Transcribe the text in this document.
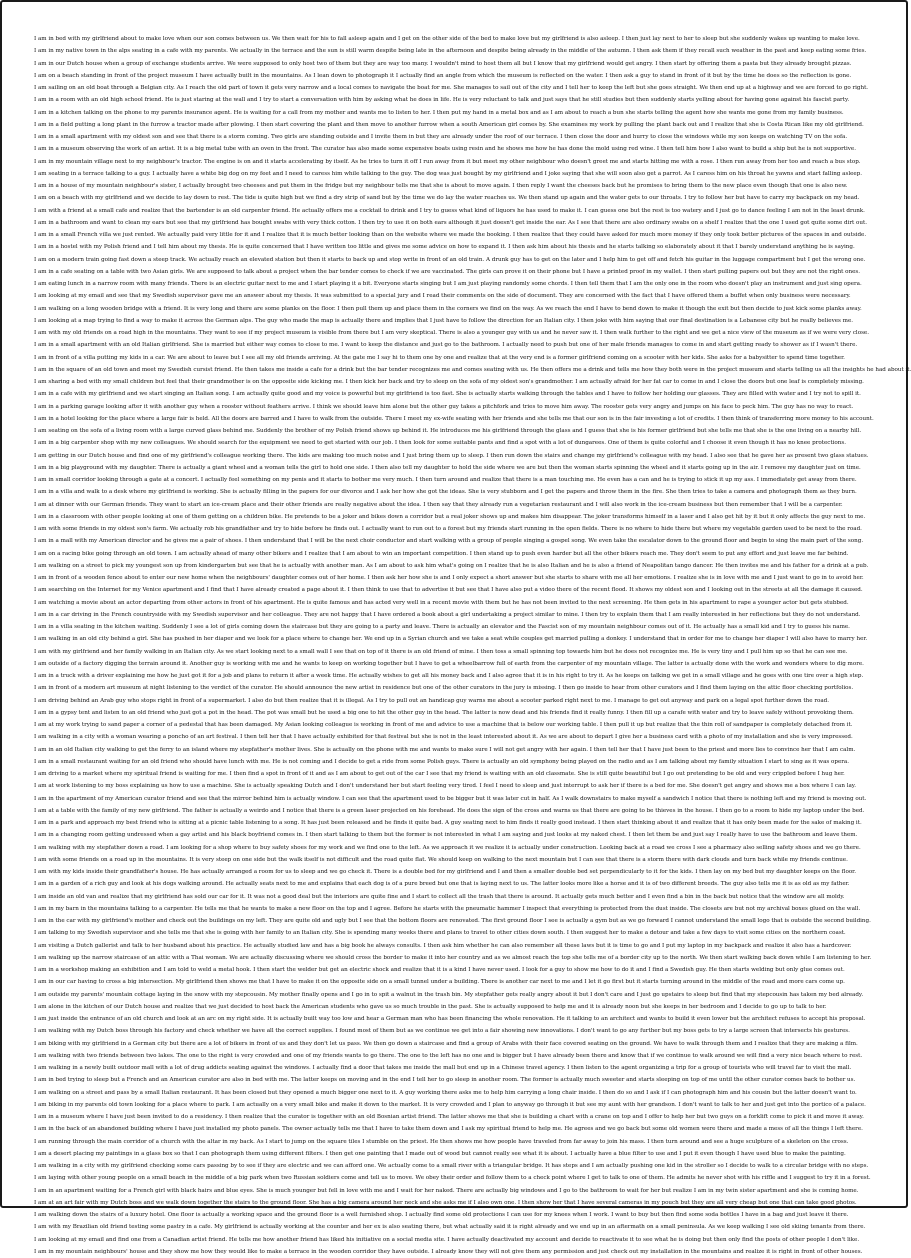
I am in bed with my girlfriend about to make love when our son comes between us. We then wait for his to fall asleep again and I get on the other side of the bed to make love but my girlfriend is also asleep. I then just lay next to her to sleep but she suddenly wakes up wanting to make love.
I am in my native town in the alps seating in a cafe with my parents. We actually in the terrace and the sun is still warm despite being late in the afternoon and despite being already in the middle of the autumn. I then ask them if they recall such weather in the past and keep eating some fries.
I am in our Dutch house when a group of exchange students arrive. We were supposed to only host two of them but they are way too many. I wouldn't mind to host them all but I know that my girlfriend would get angry. I then start by offering them a pasta but they already brought pizzas.
I am on a beach standing in front of the project museum I have actually built in the mountains. As I lean down to photograph it I actually find an angle from which the museum is reflected on the water. I then ask a guy to stand in front of it but by the time he does so the reflection is gone.
I am sailing on an old boat through a Belgian city. As I reach the old part of town it gets very narrow and a local comes to navigate the boat for me. She manages to sail out of the city and I tell her to keep the left but she goes straight. We then end up at a highway and we are forced to go right.
I am in a room with an old high school friend. He is just staring at the wall and I try to start a conversation with him by asking what he does in life. He is very reluctant to talk and just says that he still studies but then suddenly starts yelling about for having gone against his fascist party.
I am in a kitchen talking on the phone to my parents insurance agent. He is waiting for a call from my mother and wants me to listen to her. I then put my hand in a metal box and as I am about to reach a bun she starts telling the agent how she wants me gone from my family business.
I am in a field putting a long plant in the furrow a tractor made after plowing. I then start covering the plant and then move to another furrow when a south American girl comes by. She examines my work by pulling the plant back out and I realize that she is Costa Rican like my old girlfriend.
I am in a small apartment with my oldest son and see that there is a storm coming. Two girls are standing outside and I invite them in but they are already under the roof of our terrace. I then close the door and hurry to close the windows while my son keeps on watching TV on the sofa.
I am in a museum observing the work of an artist. It is a big metal tube with an oven in the front. The curator has also made some expensive boats using resin and he shows me how he has done the mold using red wine. I then tell him how I also want to build a ship but he is not supportive.
I am in my mountain village next to my neighbour's tractor. The engine is on and it starts accelerating by itself. As he tries to turn it off I run away from it but meet my other neighbour who doesn't greet me and starts hitting me with a rose. I then run away from her too and reach a bus stop.
I am seating in a terrace talking to a guy. I actually have a white big dog on my feet and I need to caress him while talking to the guy. The dog was just bought by my girlfriend and I joke saying that she will soon also get a parrot. As I caress him on his throat he yawns and start falling asleep.
I am in a house of my mountain neighbour's sister, I actually brought two cheeses and put them in the fridge but my neighbour tells me that she is about to move again. I then reply I want the cheeses back but he promises to bring them to the new place even though that one is also new.
I am on a beach with my girlfriend and we decide to lay down to rest. The tide is quite high but we find a dry strip of sand but by the time we do lay the water reaches us. We then stand up again and the water gets to our throats. I try to follow her but have to carry my backpack on my head.
I am with a friend at a small cafe and realize that the bartender is an old carpenter friend. He actually offers me a cocktail to drink and I try to guess what kind of liquors he has used to make it. I can guess one but the rest is too watery and I just go to dance feeling I am not in the least drunk.
I am in a bathroom and want to clean my ears but see that my girlfriend has bought swabs with very thick cotton. I then try to use it on both ears although it just doesn't get inside the ear. As I see that there are also ordinary swabs on a shelf I realize that the one I used got quite some dirt out.
I am in a small French villa we just rented. We actually paid very little for it and I realize that it is much better looking than on the website where we made the booking. I then realize that they could have asked for much more money if they only took better pictures of the spaces in and outside.
I am in a hostel with my Polish friend and I tell him about my thesis. He is quite concerned that I have written too little and gives me some advice on how to expand it. I then ask him about his thesis and he starts talking so elaborately about it that I barely understand anything he is saying.
I am on a modern train going fast down a steep track. We actually reach an elevated station but then it starts to back up and stop write in front of an old train. A drunk guy has to get on the later and I help him to get off and fetch his guitar in the luggage compartment but I get the wrong one.
I am in a cafe seating on a table with two Asian girls. We are supposed to talk about a project when the bar tender comes to check if we are vaccinated. The girls can prove it on their phone but I have a printed proof in my wallet. I then start pulling papers out but they are not the right ones.
I am eating lunch in a narrow room with many friends. There is an electric guitar next to me and I start playing it a bit. Everyone starts singing but I am just playing randomly some chords. I then tell them that I am the only one in the room who doesn't play an instrument and just sing opera.
I am looking at my email and see that my Swedish supervisor gave me an answer about my thesis. It was submitted to a special jury and I read their comments on the side of document. They are concerned with the fact that I have offered them a buffet when only business were necessary.
I am walking on a long wooden bridge with a friend. It is very long and there are some planks on the floor. I then pull them up and place them in the corners we find on the way. As we reach the end I have to bend down to make it though the exit but then decide to just kick some planks away.
I am looking at a map trying to find a way to make it across the German alps. The guy who made the map is actually there and implies that I just have to follow the direction for an Italian city. I then joke with him saying that our final destination is a Lebanese city but he really believes me.
I am with my old friends on a road high in the mountains. They want to see if my project museum is visible from there but I am very skeptical. There is also a younger guy with us and he never saw it. I then walk further to the right and we get a nice view of the museum as if we were very close.
I am in a small apartment with an old Italian girlfriend. She is married but either way comes to close to me. I want to keep the distance and just go to the bathroom. I actually need to push but one of her male friends manages to come in and start getting ready to shower as if I wasn't there.
I am in front of a villa putting my kids in a car. We are about to leave but I see all my old friends arriving. At the gate me I say hi to them one by one and realize that at the very end is a former girlfriend coming on a scooter with her kids. She asks for a babysitter to spend time together.
I am in the square of an old town and meet my Swedish cursist friend. He then takes me inside a cafe for a drink but the bar tender recognizes me and comes seating with us. He then offers me a drink and tells me how they both were in the project museum and starts telling us all the insights he had about it.
I am sharing a bed with my small children but feel that their grandmother is on the opposite side kicking me. I then kick her back and try to sleep on the sofa of my oldest son's grandmother. I am actually afraid for her fat car to come in and I close the doors but one leaf is completely missing.
I am in a cafe with my girlfriend and we start singing an Italian song. I am actually quite good and my voice is powerful but my girlfriend is too fast. She is actually starts walking through the tables and I have to follow her holding our glasses. They are filled with water and I try not to spill it.
I am in a parking garage looking after it with another guy when a rooster without feathers arrive. I think we should leave him alone but the other guy takes a pitchfork and tries to move him away. The rooster gets very angry and jumps on his face to peck him. The guy has no way to react.
I am in a hotel looking for the place where a large fair is held. All the doors are barred and I have to walk from the outside. There I meet my ex-wife seating with her friends and she tells me that our son is in the fair investing a lot of credits. I then think of transferring more money to his account.
I am seating on the sofa of a living room with a large curved glass behind me. Suddenly the brother of my Polish friend shows up behind it. He introduces me his girlfriend through the glass and I guess that she is his former girlfriend but she tells me that she is the one living on a nearby hill.
I am in a big carpenter shop with my new colleagues. We should search for the equipment we need to get started with our job. I then look for some suitable pants and find a spot with a lot of dungarees. One of them is quite colorful and I choose it even though it has no knee protections.
I am getting in our Dutch house and find one of my girlfriend's colleague working there. The kids are making too much noise and I just bring them up to sleep. I then run down the stairs and change my girlfriend's colleague with my head. I also see that he gave her as present two glass statues.
I am in a big playground with my daughter. There is actually a giant wheel and a woman tells the girl to hold one side. I then also tell my daughter to hold the side where we are but then the woman starts spinning the wheel and it starts going up in the air. I remove my daughter just on time.
I am in small corridor looking through a gate at a concert. I actually feel something on my penis and it starts to bother me very much. I then turn around and realize that there is a man touching me. He even has a can and he is trying to stick it up my ass. I immediately get away from there.
I am in a villa and walk to a desk where my girlfriend is working. She is actually filling in the papers for our divorce and I ask her how she got the ideas. She is very stubborn and I get the papers and throw them in the fire. She then tries to take a camera and photograph them as they burn.
I am at dinner with our German friends. They want to start an ice-cream place and their other friends are really negative about the idea. I then say that they already run a vegetarian restaurant and I will also work in the ice-cream business but then remember that I will be a carpenter.
I am in a classroom with other people looking at one of them getting on a children bike. He pretends to be a joker and bikes down a corridor but a real joker shows up and makes him disappear. The joker transforms himself in a laser and I also get hit by it but it only affects the guy next to me.
I am with some friends in my oldest son's farm. We actually rob his grandfather and try to hide before he finds out. I actually want to run out to a forest but my friends start running in the open fields. There is no where to hide there but where my vegetable garden used to be next to the road.
I am in a mall with my American director and he gives me a pair of shoes. I then understand that I will be the next choir conductor and start walking with a group of people singing a gospel song. We even take the escalator down to the ground floor and begin to sing the main part of the song.
I am on a racing bike going through an old town. I am actually ahead of many other bikers and I realize that I am about to win an important competition. I then stand up to push even harder but all the other bikers reach me. They don't seem to put any effort and just leave me far behind.
I am walking on a street to pick my youngest son up from kindergarten but see that he is actually with another man. As I am about to ask him what's going on I realize that he is also Italian and he is also a friend of Neapolitan tango dancer. He then invites me and his father for a drink at a pub.
I am in front of a wooden fence about to enter our new home when the neighbours' daughter comes out of her home. I then ask her how she is and I only expect a short answer but she starts to share with me all her emotions. I realize she is in love with me and I just want to go in to avoid her.
I am searching on the Internet for my Venice apartment and I find that I have already created a page about it. I then think to use that to advertise it but see that I have also put a video there of the recent flood. It shows my oldest son and I looking out in the streets at all the damage it caused.
I am watching a movie about an actor departing from other actors in front of his apartment. He is quite famous and has acted very well in a recent movie with them but he has not been invited to the next screening. He then gets in his apartment to rape a younger actor but gets stubbed.
I am in a car driving in the French countryside with my Swedish supervisor and her colleague. They are not happy that I have ordered a book about a girl undertaking a project similar to mine. I then try to explain them that I am really interested in her reflections but they do not understand.
I am in a villa seating in the kitchen waiting. Suddenly I see a lot of girls coming down the staircase but they are going to a party and leave. There is actually an elevator and the Fascist son of my mountain neighbour comes out of it. He actually has a small kid and I try to guess his name.
I am walking in an old city behind a girl. She has pushed in her diaper and we look for a place where to change her. We end up in a Syrian church and we take a seat while couples get married pulling a donkey. I understand that in order for me to change her diaper I will also have to marry her.
I am with my girlfriend and her family walking in an Italian city. As we start looking next to a small wall I see that on top of it there is an old friend of mine. I then toss a small spinning top towards him but he does not recognize me. He is very tiny and I pull him up so that he can see me.
I am outside of a factory digging the terrain around it. Another guy is working with me and he wants to keep on working together but I have to get a wheelbarrow full of earth from the carpenter of my mountain village. The latter is actually done with the work and wonders where to dig more.
I am in a truck with a driver explaining me how he just got it for a job and plans to return it after a week time. He actually wishes to get all his money back and I also agree that it is in his right to try it. As he keeps on talking we get in a small village and he goes with one tire over a high step.
I am in front of a modern art museum at night listening to the verdict of the curator. He should announce the new artist in residence but one of the other curators in the jury is missing. I then go inside to hear from other curators and I find them laying on the attic floor checking portfolios.
I am driving behind an Arab guy who stops right in front of a supermarket. I also do but then realize that it is illegal. As I try to pull out an handicap guy warns me about a scooter parked right next to me. I manage to get out anyway and park on a legal spot further down the road.
I am in a gypsy tent and listen to an old friend who just got a pot in the head. The pot was small but he used a big one to hit the other guy in the head. The latter is now dead and his friends find it really funny. I then fill up a carafe with water and try to leave safely without provoking them.
I am at my work trying to sand paper a corner of a pedestal that has been damaged. My Asian looking colleague is working in front of me and advice to use a machine that is below our working table. I then pull it up but realize that the thin roll of sandpaper is completely detached from it.
I am walking in a city with a woman wearing a poncho of an art festival. I then tell her that I have actually exhibited for that festival but she is not in the least interested about it. As we are about to depart I give her a business card with a photo of my installation and she is very impressed.
I am in an old Italian city walking to get the ferry to an island where my stepfather's mother lives. She is actually on the phone with me and wants to make sure I will not get angry with her again. I then tell her that I have just been to the priest and more lies to convince her that I am calm.
I am in a small restaurant waiting for an old friend who should have lunch with me. He is not coming and I decide to get a ride from some Polish guys. There is actually an old symphony being played on the radio and as I am talking about my family situation I start to sing as it was opera.
I am driving to a market where my spiritual friend is waiting for me. I then find a spot in front of it and as I am about to get out of the car I see that my friend is waiting with an old classmate. She is still quite beautiful but I go out pretending to be old and very crippled before I hug her.
I am at work listening to my boss explaining us how to use a machine. She is actually speaking Dutch and I don't understand her but start feeling very tired. I feel I need to sleep and just interrupt to ask her if there is a bed for me. She doesn't get angry and shows me a box where I can lay.
I am in the apartment of my American curator friend and see that the mirror behind him is actually window. I can see that the apartment used to be bigger but it was later cut in half. As I walk downstairs to make myself a sandwich I notice that there is nothing left and my friend is moving out.
I am at a table with the family of my new girlfriend. The father is actually a weirdo and I notice that there is a green laser projected on his forehead. He does the sign of the cross and warns us that there are going to be thieves in the house. I then go to a room to hide my laptop under the bed.
I am in a park and approach my best friend who is sitting at a picnic table listening to a song. It has just been released and he finds it quite bad. A guy seating next to him finds it really good instead. I then start thinking about it and realize that it has only been made for the sake of making it.
I am in a changing room getting undressed when a gay artist and his black boyfriend comes in. I then start talking to them but the former is not interested in what I am saying and just looks at my naked chest. I then let them be and just say I really have to use the bathroom and leave them.
I am walking with my stepfather down a road. I am looking for a shop where to buy safety shoes for my work and we find one to the left. As we approach it we realize it is actually under construction. Looking back at a road we cross I see a pharmacy also selling safety shoes and we go there.
I am with some friends on a road up in the mountains. It is very steep on one side but the walk itself is not difficult and the road quite flat. We should keep on walking to the next mountain but I can see that there is a storm there with dark clouds and turn back while my friends continue.
I am with my kids inside their grandfather's house. He has actually arranged a room for us to sleep and we go check it. There is a double bed for my girlfriend and I and then a smaller double bed set perpendicularly to it for the kids. I then lay on my bed but my daughter keeps on the floor.
I am in a garden of a rich guy and look at his dogs walking around. He actually seats next to me and explains that each dog is of a pure breed but one that is laying next to us. The latter looks more like a horse and it is of two different breeds. The guy also tells me it is as old as my father.
I am inside an old van and realize that my girlfriend has sold our car for it. It was not a good deal but the interiors are quite fine and I start to collect all the trash that there is around. It actually gets much better and I even find a bin in the back but notice that the window are all moldy.
I am in my barn in the mountains talking to a carpenter. He tells me that he wants to make a new floor on the top and I agree. Before he starts with the pneumatic hammer I inspect that everything is protected from the dust inside. The closets are but not my archival boxes glued on the wall.
I am in the car with my girlfriend's mother and check out the buildings on my left. They are quite old and ugly but I see that the bottom floors are renovated. The first ground floor I see is actually a gym but as we go forward I cannot understand the small logo that is outside the second building.
I am talking to my Swedish supervisor and she tells me that she is going with her family to an Italian city. She is spending many weeks there and plans to travel to other cities down south. I then suggest her to make a detour and take a few days to visit some cities on the northern coast.
I am visiting a Dutch gallerist and talk to her husband about his practice. He actually studied law and has a big book he always consults. I then ask him whether he can also remember all these laws but it is time to go and I put my laptop in my backpack and realize it also has a hardcover.
I am walking up the narrow staircase of an attic with a Thai woman. We are actually discussing where we should cross the border to make it into her country and as we almost reach the top she tells me of a border city up to the north. We then start walking back down while I am listening to her.
I am in a workshop making an exhibition and I am told to weld a metal hook. I then start the welder but get an electric shock and realize that it is a kind I have never used. I look for a guy to show me how to do it and I find a Swedish guy. He then starts welding but only glue comes out.
I am in our car having to cross a big intersection. My girlfriend then shows me that I have to make it on the opposite side on a small tunnel under a building. There is another car next to me and I let it go first but it starts turning around in the middle of the road and more cars come up.
I am outside my parents' mountain cottage laying in the snow with my stepcousin. My mother finally opens and I go in to spit a walnut in the trash bin. My stepfather gets really angry about it but I don't care and I just go upstairs to sleep but find that my stepcousin has taken my bed already.
I am alone in the kitchen of our Dutch house and realize that we just decided to host back the American students who gave us so much trouble in the past. She is actually supposed to help me and it is already noon but she keeps in her bedroom and I decide to go up to talk to her.
I am just inside the entrance of an old church and look at an arc on my right side. It is actually built way too low and hear a German man who has been financing the whole renovation. He it talking to an architect and wants to build it even lower but the architect refuses to accept his proposal.
I am walking with my Dutch boss through his factory and check whether we have all the correct supplies. I found most of them but as we continue we get into a fair showing new innovations. I don't want to go any further but my boss gets to try a large screen that intersects his gestures.
I am biking with my girlfriend in a German city but there are a lot of bikers in front of us and they don't let us pass. We then go down a staircase and find a group of Arabs with their face covered seating on the ground. We have to walk through them and I realize that they are making a film.
I am walking with two friends between two lakes. The one to the right is very crowded and one of my friends wants to go there. The one to the left has no one and is bigger but I have already been there and know that if we continue to walk around we will find a very nice beach where to rest.
I am walking in a newly built outdoor mall with a lot of drug addicts seating against the windows. I actually find a door that takes me inside the mall but end up in a Chinese travel agency. I then listen to the agent organizing a trip for a group of tourists who will travel far to visit the mall.
I am in bed trying to sleep but a French and an American curator are also in bed with me. The latter keeps on moving and in the end I tell her to go sleep in another room. The former is actually much sweeter and starts sleeping on top of me until the other curator comes back to bother us.
I am walking on a street and pass by a small Italian restaurant. It has been closed but they opened a much bigger one next to it. A guy working there asks me to help him carrying a long chair inside. I then do so and I ask if I can photograph him and his cousin but the latter doesn't want to.
I am biking in my parents old town looking for a place where to park. I am actually on a very small bike and make it down to the market. It is very crowded and I plan to anyway go through it but see my aunt with her grandson. I don't want to talk to her and just get into the portico of a palace.
I am in a museum where I have just been invited to do a residency. I then realize that the curator is together with an old Bosnian artist friend. The latter shows me that she is building a chart with a crane on top and I offer to help her but two guys on a forklift come to pick it and move it away.
I am in the back of an abandoned building where I have just installed my photo panels. The owner actually tells me that I have to take them down and I ask my spiritual friend to help me. He agrees and we go back but some old women were there and made a mess of all the things I left there.
I am running through the main corridor of a church with the altar in my back. As I start to jump on the square tiles I stumble on the priest. He then shows me how people have traveled from far away to join his mass. I then turn around and see a huge sculpture of a skeleton on the cross.
I am a desert placing my paintings in a glass box so that I can photograph them using different filters. I then get one painting that I made out of wood but cannot really see what it is about. I actually have a blue filter to use and I put it even though I have used blue to make the painting.
I am walking in a city with my girlfriend checking some cars passing by to see if they are electric and we can afford one. We actually come to a small river with a triangular bridge. It has steps and I am actually pushing one kid in the stroller so I decide to walk to a circular bridge with no steps.
I am laying with other young people on a small beach in the middle of a big park when two Russian soldiers come and tell us to move. We obey their order and follow them to a check point where I get to talk to one of them. He admits he never shot with his riffle and I suggest to try it in a forest.
I am in an apartment waiting for a French girl with black hairs and blue eyes. She is much younger but fell in love with me and I wait for her naked. There are actually big windows and I go to the bathroom to wait for her but realize I am in my twin sister apartment and she is coming home.
I am at an art fair with my Dutch boss and we walk down together the stairs to the ground floor. She has a big camera around her neck and she asks me if I also own one. I then show her that I have several cameras in my pouch but they are all very cheap but one that can take good photos.
I am walking down the stairs of a luxury hotel. One floor is actually a working space and the ground floor is a well furnished shop. I actually find some old protections I can use for my knees when I work. I want to buy but then find some soda bottles I have in a bag and just leave it there.
I am with my Brazilian old friend testing some pastry in a cafe. My girlfriend is actually working at the counter and her ex is also seating there, but what actually said it is right already and we end up in an aftermath on a small peninsula. As we keep walking I see old skiing tenants from there.
I am looking at my email and find one from a Canadian artist friend. He tells me how another friend has liked his initiative on a social media site. I have actually deactivated my account and decide to reactivate it to see what he is doing but then only find the posts of other people I don't like.
I am in my mountain neighbours' house and they show me how they would like to make a terrace in the wooden corridor they have outside. I already know they will not give them any permission and just check out my installation in the mountains and realize it is right in front of other houses.
